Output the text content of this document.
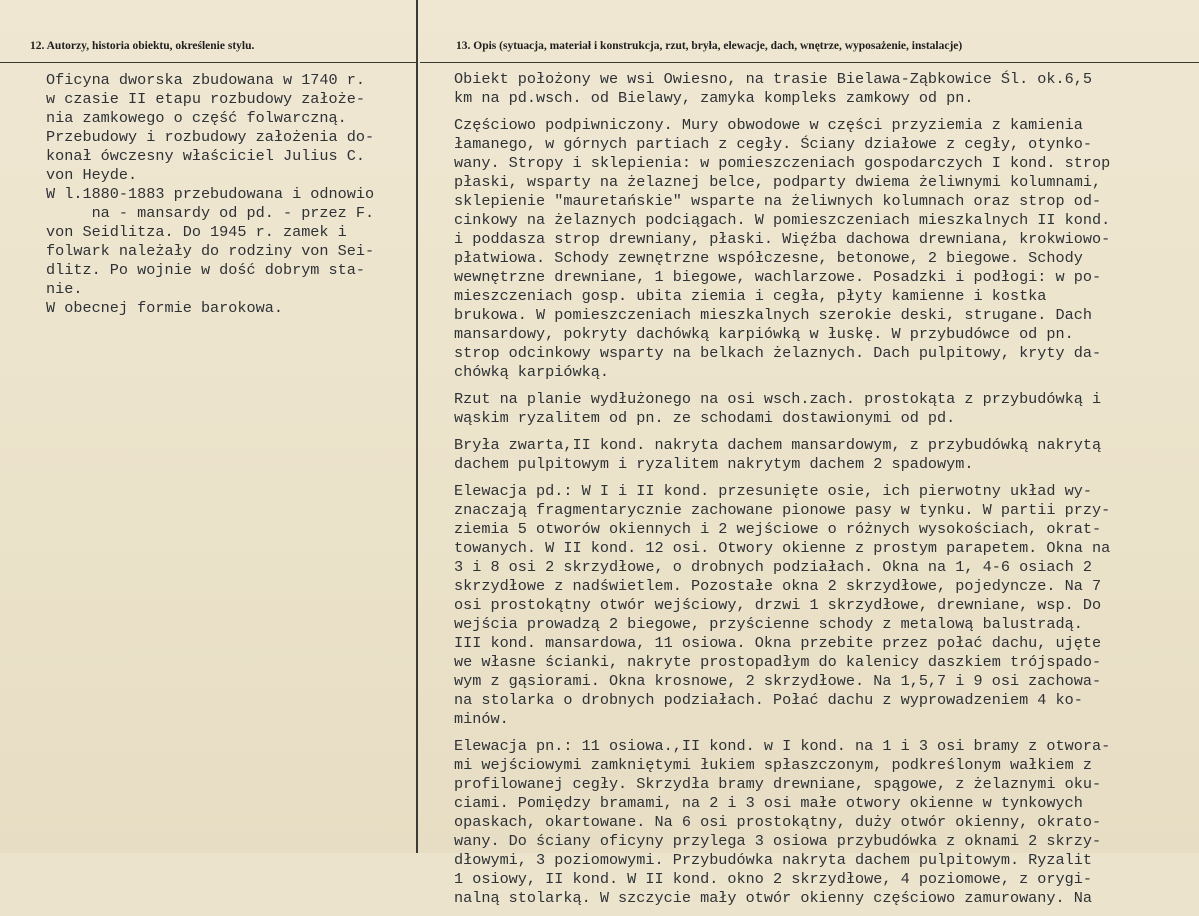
12. Autorzy, historia obiektu, określenie stylu.
Oficyna dworska zbudowana w 1740 r.
w czasie II etapu rozbudowy założe-
nia zamkowego o część folwarczną.
Przebudowy i rozbudowy założenia do-
konał ówczesny właściciel Julius C.
von Heyde.
W l.1880-1883 przebudowana i odnowio
na - mansardy od pd. - przez F.
von Seidlitza. Do 1945 r. zamek i
folwark należały do rodziny von Sei-
dlitz. Po wojnie w dość dobrym sta-
nie.
W obecnej formie barokowa.
13. Opis (sytuacja, materiał i konstrukcja, rzut, bryła, elewacje, dach, wnętrze, wyposażenie, instalacje)
Obiekt położony we wsi Owiesno, na trasie Bielawa-Ząbkowice Śl. ok.6,5
km na pd.wsch. od Bielawy, zamyka kompleks zamkowy od pn.
Częściowo podpiwniczony. Mury obwodowe w części przyziemia z kamienia
łamanego, w górnych partiach z cegły. Ściany działowe z cegły, otynko-
wany. Stropy i sklepienia: w pomieszczeniach gospodarczych I kond. strop
płaski, wsparty na żelaznej belce, podparty dwiema żeliwnymi kolumnami,
sklepienie "mauretańskie" wsparte na żeliwnych kolumnach oraz strop od-
cinkowy na żelaznych podciągach. W pomieszczeniach mieszkalnych II kond.
i poddasza strop drewniany, płaski. Więźba dachowa drewniana, krokwiowo-
płatwiowa. Schody zewnętrzne współczesne, betonowe, 2 biegowe. Schody
wewnętrzne drewniane, 1 biegowe, wachlarzowe. Posadzki i podłogi: w po-
mieszczeniach gosp. ubita ziemia i cegła, płyty kamienne i kostka
brukowa. W pomieszczeniach mieszkalnych szerokie deski, strugane. Dach
mansardowy, pokryty dachówką karpiówką w łuskę. W przybudówce od pn.
strop odcinkowy wsparty na belkach żelaznych. Dach pulpitowy, kryty da-
chówką karpiówką.
Rzut na planie wydłużonego na osi wsch.zach. prostokąta z przybudówką i
wąskim ryzalitem od pn. ze schodami dostawionymi od pd.
Bryła zwarta,II kond. nakryta dachem mansardowym, z przybudówką nakrytą
dachem pulpitowym i ryzalitem nakrytym dachem 2 spadowym.
Elewacja pd.: W I i II kond. przesunięte osie, ich pierwotny układ wy-
znaczają fragmentarycznie zachowane pionowe pasy w tynku. W partii przy-
ziemia 5 otworów okiennych i 2 wejściowe o różnych wysokościach, okrat-
towanych. W II kond. 12 osi. Otwory okienne z prostym parapetem. Okna na
3 i 8 osi 2 skrzydłowe, o drobnych podziałach. Okna na 1, 4-6 osiach 2
skrzydłowe z nadświetlem. Pozostałe okna 2 skrzydłowe, pojedyncze. Na 7
osi prostokątny otwór wejściowy, drzwi 1 skrzydłowe, drewniane, wsp. Do
wejścia prowadzą 2 biegowe, przyścienne schody z metalową balustradą.
III kond. mansardowa, 11 osiowa. Okna przebite przez połać dachu, ujęte
we własne ścianki, nakryte prostopadłym do kalenicy daszkiem trójspado-
wym z gąsiorami. Okna krosnowe, 2 skrzydłowe. Na 1,5,7 i 9 osi zachowa-
na stolarka o drobnych podziałach. Połać dachu z wyprowadzeniem 4 ko-
minów.
Elewacja pn.: 11 osiowa.,II kond. w I kond. na 1 i 3 osi bramy z otwora-
mi wejściowymi zamkniętymi łukiem spłaszczonym, podkreślonym wałkiem z
profilowanej cegły. Skrzydła bramy drewniane, spągowe, z żelaznymi oku-
ciami. Pomiędzy bramami, na 2 i 3 osi małe otwory okienne w tynkowych
opaskach, okartowane. Na 6 osi prostokątny, duży otwór okienny, okrato-
wany. Do ściany oficyny przylega 3 osiowa przybudówka z oknami 2 skrzy-
dłowymi, 3 poziomowymi. Przybudówka nakryta dachem pulpitowym. Ryzalit
1 osiowy, II kond. W II kond. okno 2 skrzydłowe, 4 poziomowe, z orygi-
nalną stolarką. W szczycie mały otwór okienny częściowo zamurowany. Na
